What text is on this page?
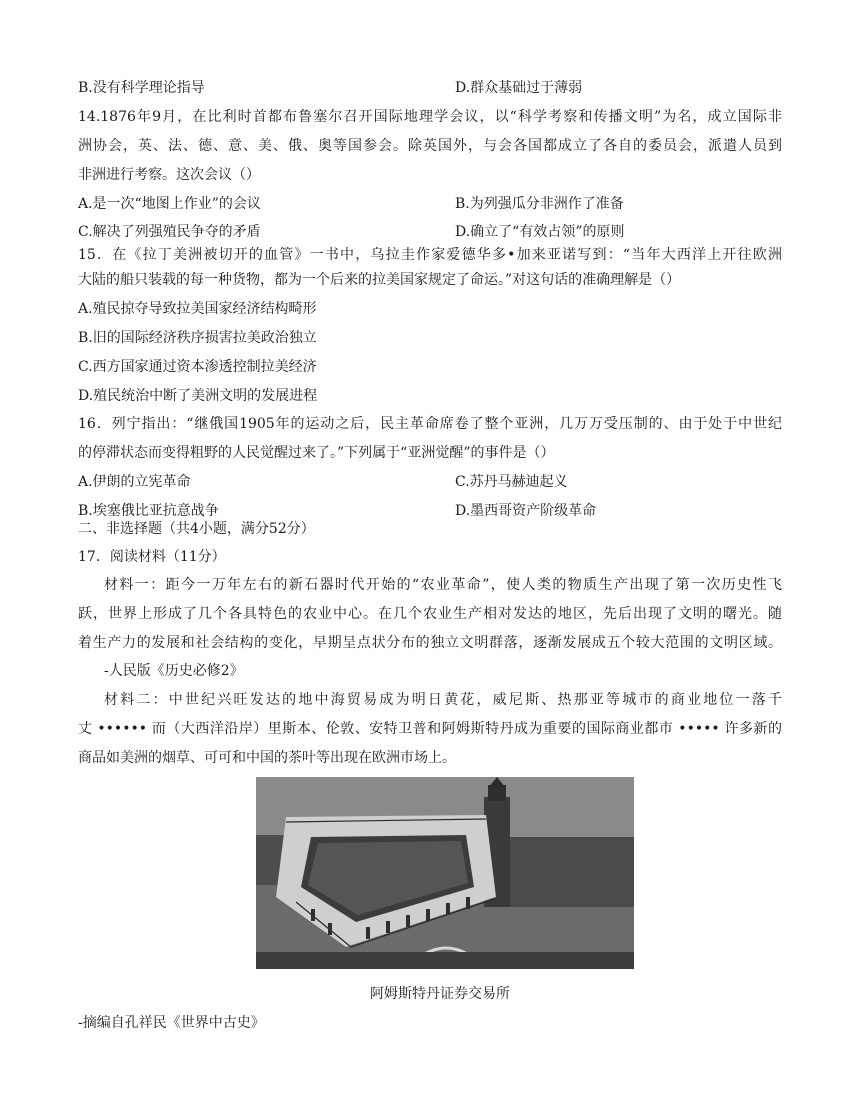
B.没有科学理论指导	D.群众基础过于薄弱
14.1876年9月，在比利时首都布鲁塞尔召开国际地理学会议，以“科学考察和传播文明”为名，成立国际非
洲协会，英、法、德、意、美、俄、奥等国参会。除英国外，与会各国都成立了各自的委员会，派遣人员到
非洲进行考察。这次会议（）
A.是一次“地图上作业”的会议	B.为列强瓜分非洲作了准备
C.解决了列强殖民争夺的矛盾	D.确立了“有效占领”的原则
15．在《拉丁美洲被切开的血管》一书中，乌拉圭作家爱德华多•加来亚诺写到：“当年大西洋上开往欧洲
大陆的船只装载的每一种货物，都为一个后来的拉美国家规定了命运。”对这句话的准确理解是（）
A.殖民掠夺导致拉美国家经济结构畸形
B.旧的国际经济秩序损害拉美政治独立
C.西方国家通过资本渗透控制拉美经济
D.殖民统治中断了美洲文明的发展进程
16．列宁指出：“继俄国1905年的运动之后，民主革命席卷了整个亚洲，几万万受压制的、由于处于中世纪
的停滞状态而变得粗野的人民觉醒过来了。”下列属于“亚洲觉醒”的事件是（）
A.伊朗的立宪革命	C.苏丹马赫迪起义
B.埃塞俄比亚抗意战争	D.墨西哥资产阶级革命
二、非选择题（共4小题，满分52分）
17．阅读材料（11分）
材料一：距今一万年左右的新石器时代开始的“农业革命”，使人类的物质生产出现了第一次历史性飞
跃，世界上形成了几个各具特色的农业中心。在几个农业生产相对发达的地区，先后出现了文明的曙光。随
着生产力的发展和社会结构的变化，早期呈点状分布的独立文明群落，逐渐发展成五个较大范围的文明区域。
-人民版《历史必修2》
材料二：中世纪兴旺发达的地中海贸易成为明日黄花，威尼斯、热那亚等城市的商业地位一落千
丈 •••••• 而（大西洋沿岸）里斯本、伦敦、安特卫普和阿姆斯特丹成为重要的国际商业都市 ••••• 许多新的
商品如美洲的烟草、可可和中国的茶叶等出现在欧洲市场上。
阿姆斯特丹证券交易所
-摘编自孔祥民《世界中古史》
